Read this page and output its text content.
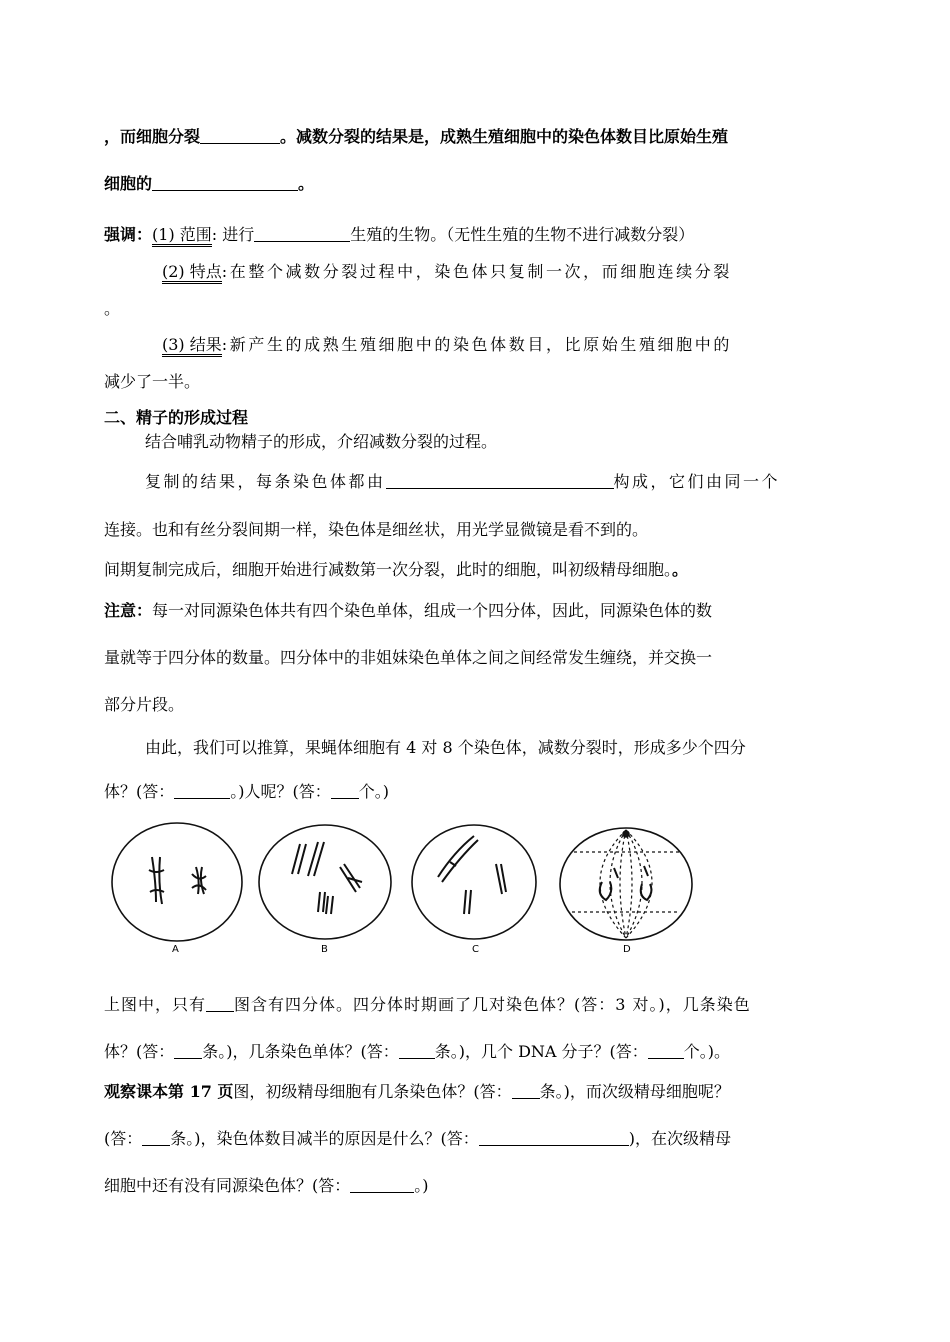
，而细胞分裂	。减数分裂的结果是，成熟生殖细胞中的染色体数目比原始生殖
细胞的	。
强调：(1) 范围: 进行	生殖的生物。（无性生殖的生物不进行减数分裂）
(2) 特点:在整个减数分裂过程中，染色体只复制一次，而细胞连续分裂
。
(3) 结果:新产生的成熟生殖细胞中的染色体数目，比原始生殖细胞中的
减少了一半。
二、精子的形成过程
结合哺乳动物精子的形成，介绍减数分裂的过程。
复制的结果，每条染色体都由	构成，它们由同一个
连接。也和有丝分裂间期一样，染色体是细丝状，用光学显微镜是看不到的。
间期复制完成后，细胞开始进行减数第一次分裂，此时的细胞，叫初级精母细胞。。
注意：每一对同源染色体共有四个染色单体，组成一个四分体，因此，同源染色体的数
量就等于四分体的数量。四分体中的非姐妹染色单体之间之间经常发生缠绕，并交换一
部分片段。
由此，我们可以推算，果蝇体细胞有 4 对 8 个染色体，减数分裂时，形成多少个四分
体？(答：	。)人呢？(答： 个。)
A	B	C	D
上图中，只有 图含有四分体。四分体时期画了几对染色体？(答：3 对。)，几条染色
体？(答： 条。)，几条染色单体？(答： 条。)，几个 DNA 分子？(答： 个。)。
观察课本第 17 页图，初级精母细胞有几条染色体？(答： 条。)，而次级精母细胞呢？
(答： 条。)，染色体数目减半的原因是什么？(答：	)，在次级精母
细胞中还有没有同源染色体？(答：	。)
